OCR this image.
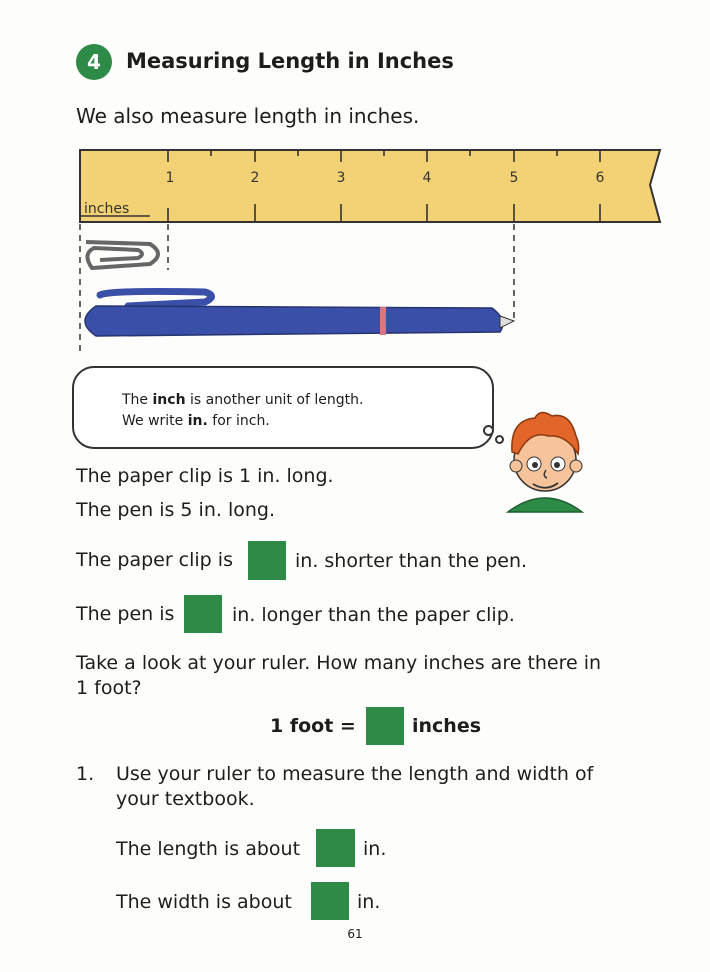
4	Measuring Length in Inches
We also measure length in inches.
1	2	3	4	5	6
inches
The inch is another unit of length.
We write in. for inch.
The paper clip is 1 in. long.
The pen is 5 in. long.
The paper clip is	in. shorter than the pen.
The pen is	in. longer than the paper clip.
Take a look at your ruler. How many inches are there in
1 foot?
1 foot =	inches
1. Use your ruler to measure the length and width of
your textbook.
The length is about	in.
The width is about	in.
61
